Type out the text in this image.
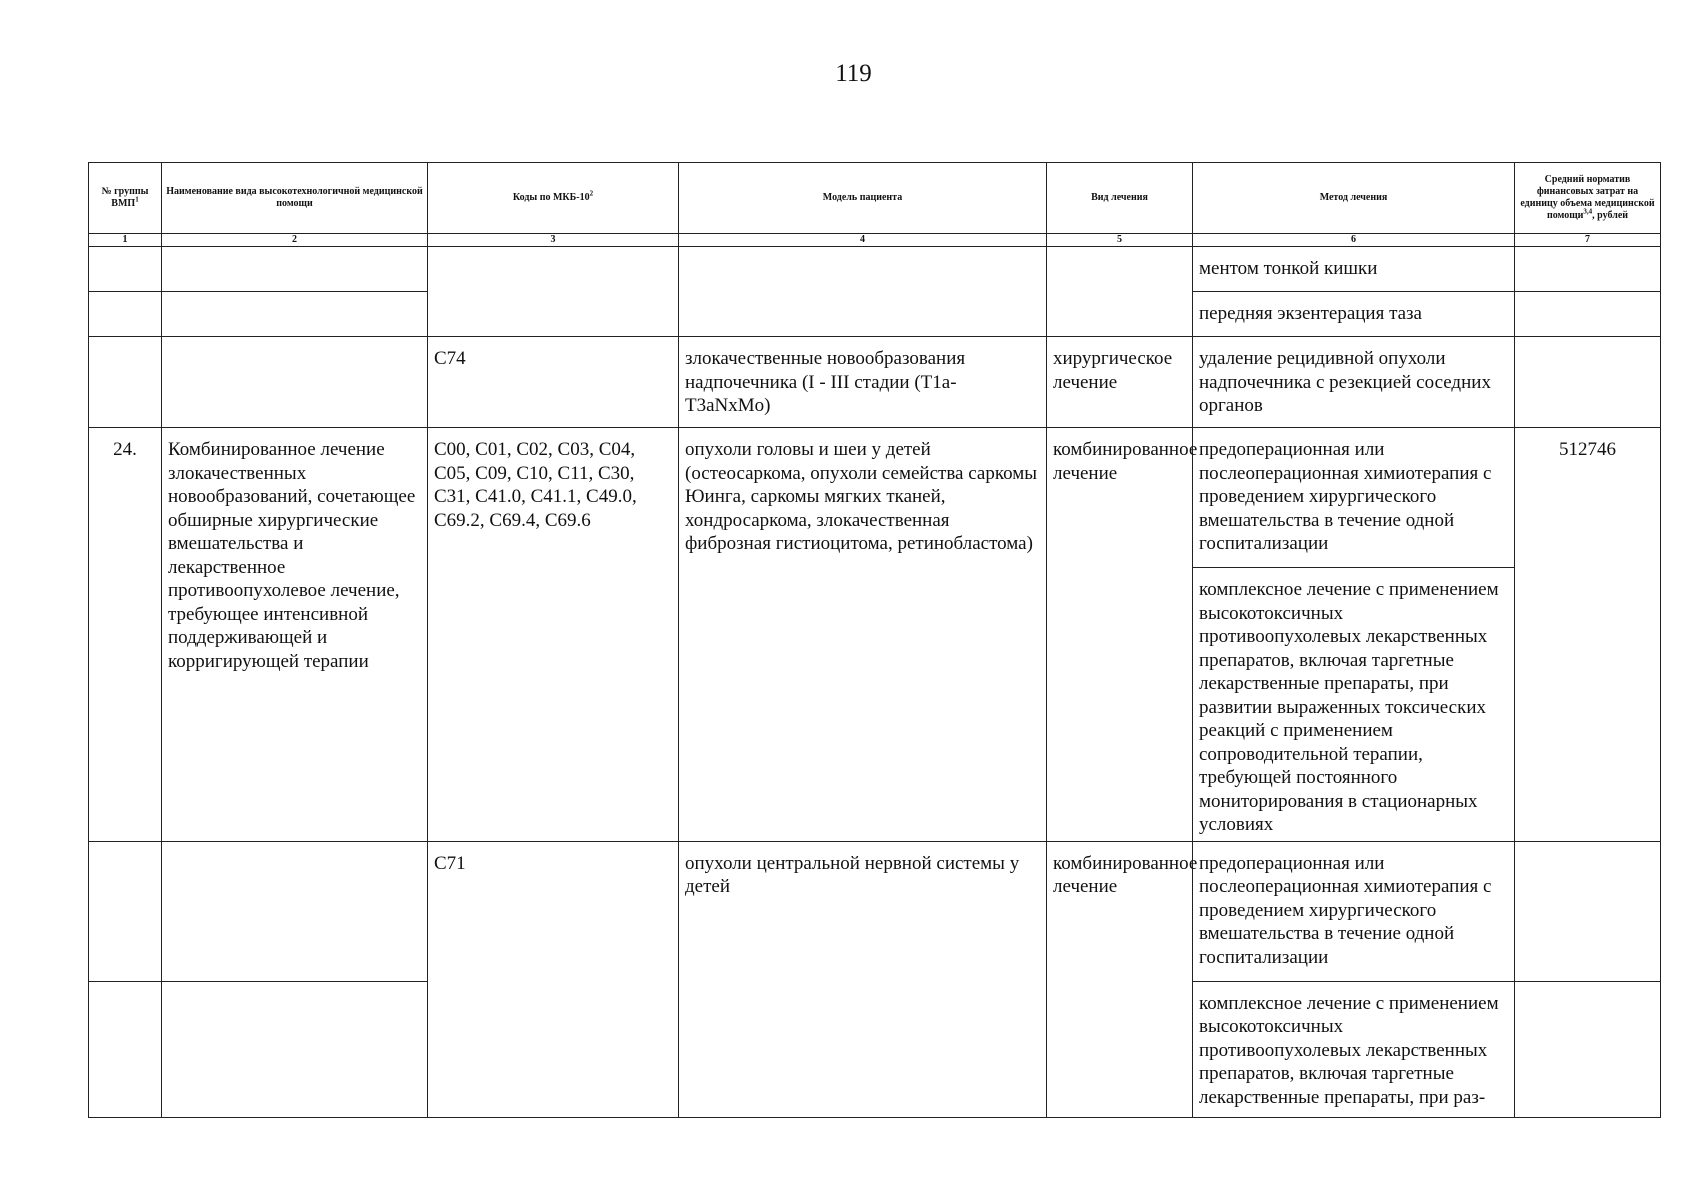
119
№ группы ВМП$^1$	Наименование вида высокотехнологичной медицинской помощи	Коды по МКБ-$10^2$	Модель пациента	Вид лечения	Метод лечения	Средний норматив финансовых затрат на единицу объема медицинской помощи$^{3,4}$, рублей
1	2	3	4	5	6	7
					ментом тонкой кишки	
					передняя экзентерация таза	
		C74	злокачественные новообразования надпочечника (I - III стадии (T1a-T3aNxMo)	хирургическое лечение	удаление рецидивной опухоли надпочечника с резекцией соседних органов	
24.	Комбинированное лечение злокачественных новообразований, сочетающее обширные хирургические вмешательства и лекарственное противоопухолевое лечение, требующее интенсивной поддерживающей и корригирующей терапии	C00, C01, C02, C03, C04, C05, C09, C10, C11, C30, C31, C41.0, C41.1, C49.0, C69.2, C69.4, C69.6	опухоли головы и шеи у детей (остеосаркома, опухоли семейства саркомы Юинга, саркомы мягких тканей, хондросаркома, злокачественная фиброзная гистиоцитома, ретинобластома)	комбинированное лечение	предоперационная или послеоперационная химиотерапия с проведением хирургического вмешательства в течение одной госпитализации	512746
					комплексное лечение с применением высокотоксичных противоопухолевых лекарственных препаратов, включая таргетные лекарственные препараты, при развитии выраженных токсических реакций с применением сопроводительной терапии, требующей постоянного мониторирования в стационарных условиях	
		C71	опухоли центральной нервной системы у детей	комбинированное лечение	предоперационная или послеоперационная химиотерапия с проведением хирургического вмешательства в течение одной госпитализации	
					комплексное лечение с применением высокотоксичных противоопухолевых лекарственных препаратов, включая таргетные лекарственные препараты, при раз-	
